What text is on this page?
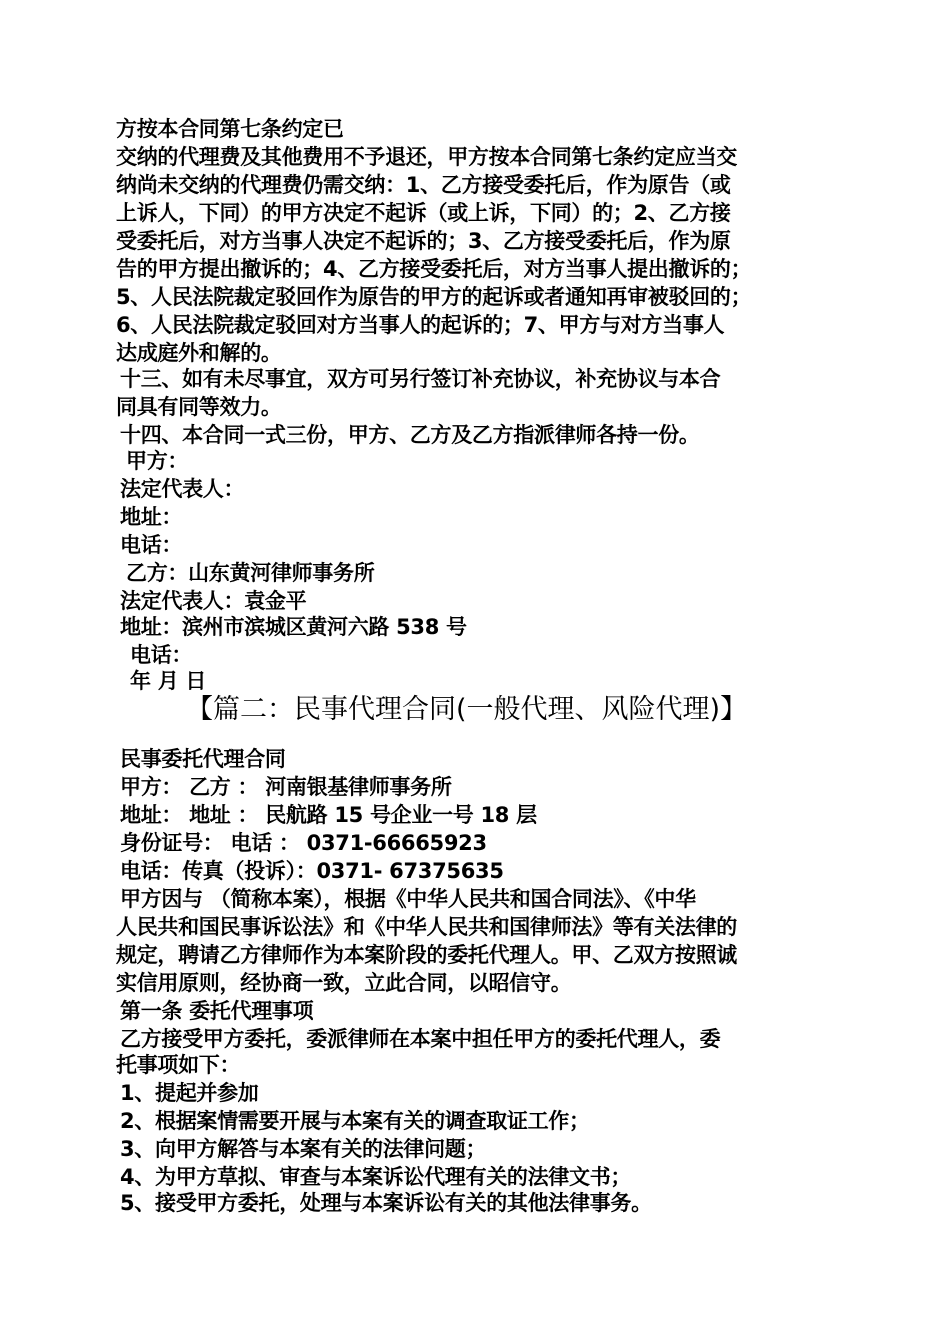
方按本合同第七条约定已
交纳的代理费及其他费用不予退还，甲方按本合同第七条约定应当交
纳尚未交纳的代理费仍需交纳：1、乙方接受委托后，作为原告（或
上诉人，下同）的甲方决定不起诉（或上诉，下同）的；2、乙方接
受委托后，对方当事人决定不起诉的；3、乙方接受委托后，作为原
告的甲方提出撤诉的；4、乙方接受委托后，对方当事人提出撤诉的；
5、人民法院裁定驳回作为原告的甲方的起诉或者通知再审被驳回的；
6、人民法院裁定驳回对方当事人的起诉的；7、甲方与对方当事人
达成庭外和解的。
十三、如有未尽事宜，双方可另行签订补充协议，补充协议与本合
同具有同等效力。
十四、本合同一式三份，甲方、乙方及乙方指派律师各持一份。
甲方：
法定代表人：
地址：
电话：
乙方：山东黄河律师事务所
法定代表人：袁金平
地址：滨州市滨城区黄河六路 538 号
电话：
年 月 日
【篇二：民事代理合同(一般代理、风险代理)】
民事委托代理合同
甲方： 乙方 ： 河南银基律师事务所
地址： 地址 ： 民航路 15 号企业一号 18 层
身份证号： 电话 ： 0371-66665923
电话：传真（投诉）：0371- 67375635
甲方因与 （简称本案），根据《中华人民共和国合同法》、《中华
人民共和国民事诉讼法》和《中华人民共和国律师法》等有关法律的
规定，聘请乙方律师作为本案阶段的委托代理人。甲、乙双方按照诚
实信用原则，经协商一致，立此合同，以昭信守。
第一条 委托代理事项
乙方接受甲方委托，委派律师在本案中担任甲方的委托代理人，委
托事项如下：
1、提起并参加
2、根据案情需要开展与本案有关的调查取证工作；
3、向甲方解答与本案有关的法律问题；
4、为甲方草拟、审查与本案诉讼代理有关的法律文书；
5、接受甲方委托，处理与本案诉讼有关的其他法律事务。
